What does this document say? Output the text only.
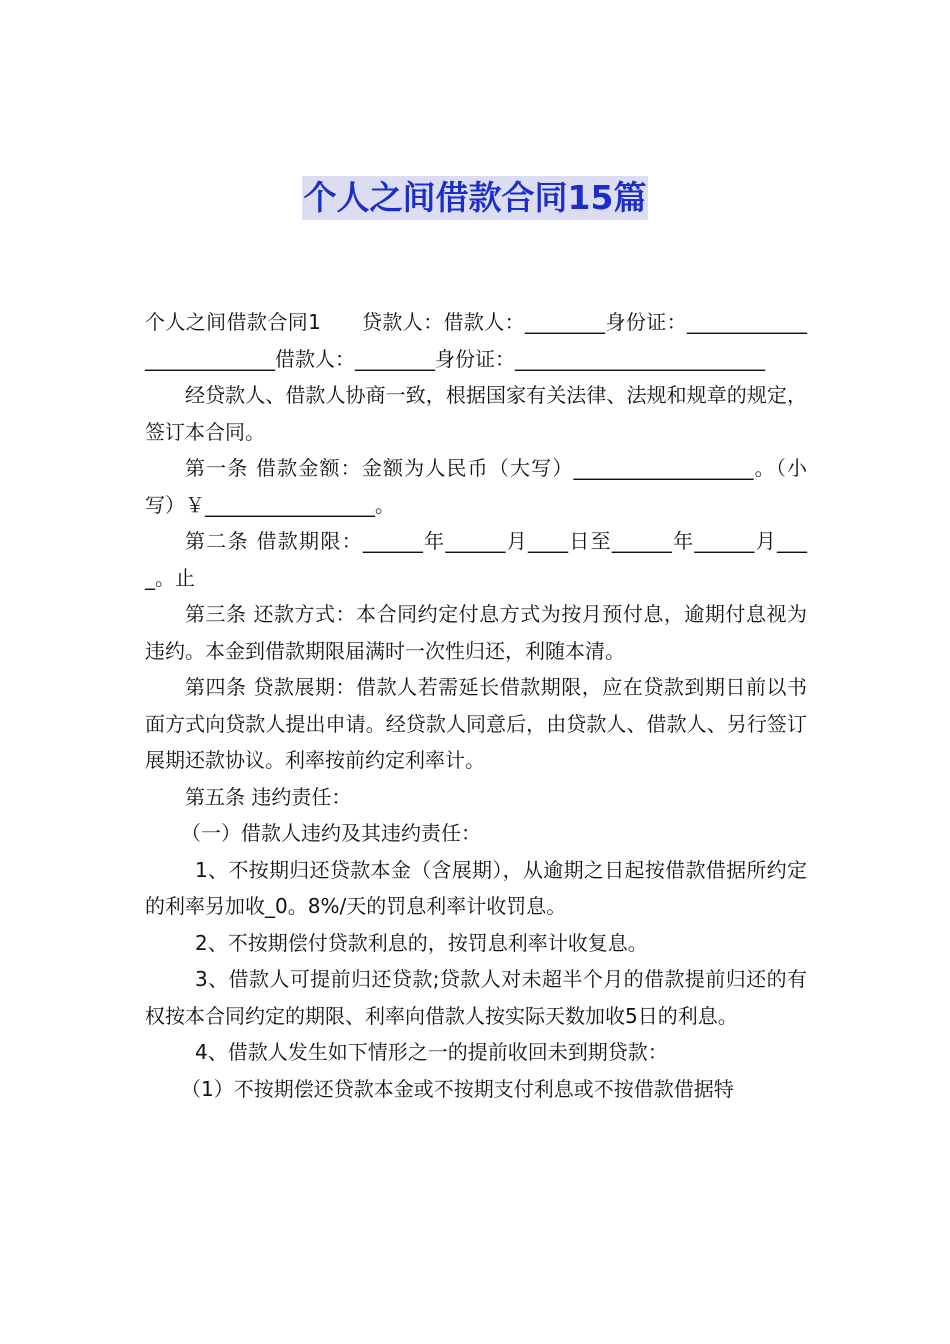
个人之间借款合同15篇

个人之间借款合同1　　贷款人：借款人：________身份证：_________________________借款人：________身份证：_________________________

经贷款人、借款人协商一致，根据国家有关法律、法规和规章的规定，签订本合同。

第一条 借款金额：金额为人民币（大写）__________________。（小写）￥_________________。

第二条 借款期限：______年______月____日至______年______月____。止

第三条 还款方式：本合同约定付息方式为按月预付息，逾期付息视为违约。本金到借款期限届满时一次性归还，利随本清。

第四条 贷款展期：借款人若需延长借款期限，应在贷款到期日前以书面方式向贷款人提出申请。经贷款人同意后，由贷款人、借款人、另行签订展期还款协议。利率按前约定利率计。

第五条 违约责任：

（一）借款人违约及其违约责任：

1、不按期归还贷款本金（含展期），从逾期之日起按借款借据所约定的利率另加收_0。8%/天的罚息利率计收罚息。

2、不按期偿付贷款利息的，按罚息利率计收复息。

3、借款人可提前归还贷款;贷款人对未超半个月的借款提前归还的有权按本合同约定的期限、利率向借款人按实际天数加收5日的利息。

4、借款人发生如下情形之一的提前收回未到期贷款：

（1）不按期偿还贷款本金或不按期支付利息或不按借款借据特
